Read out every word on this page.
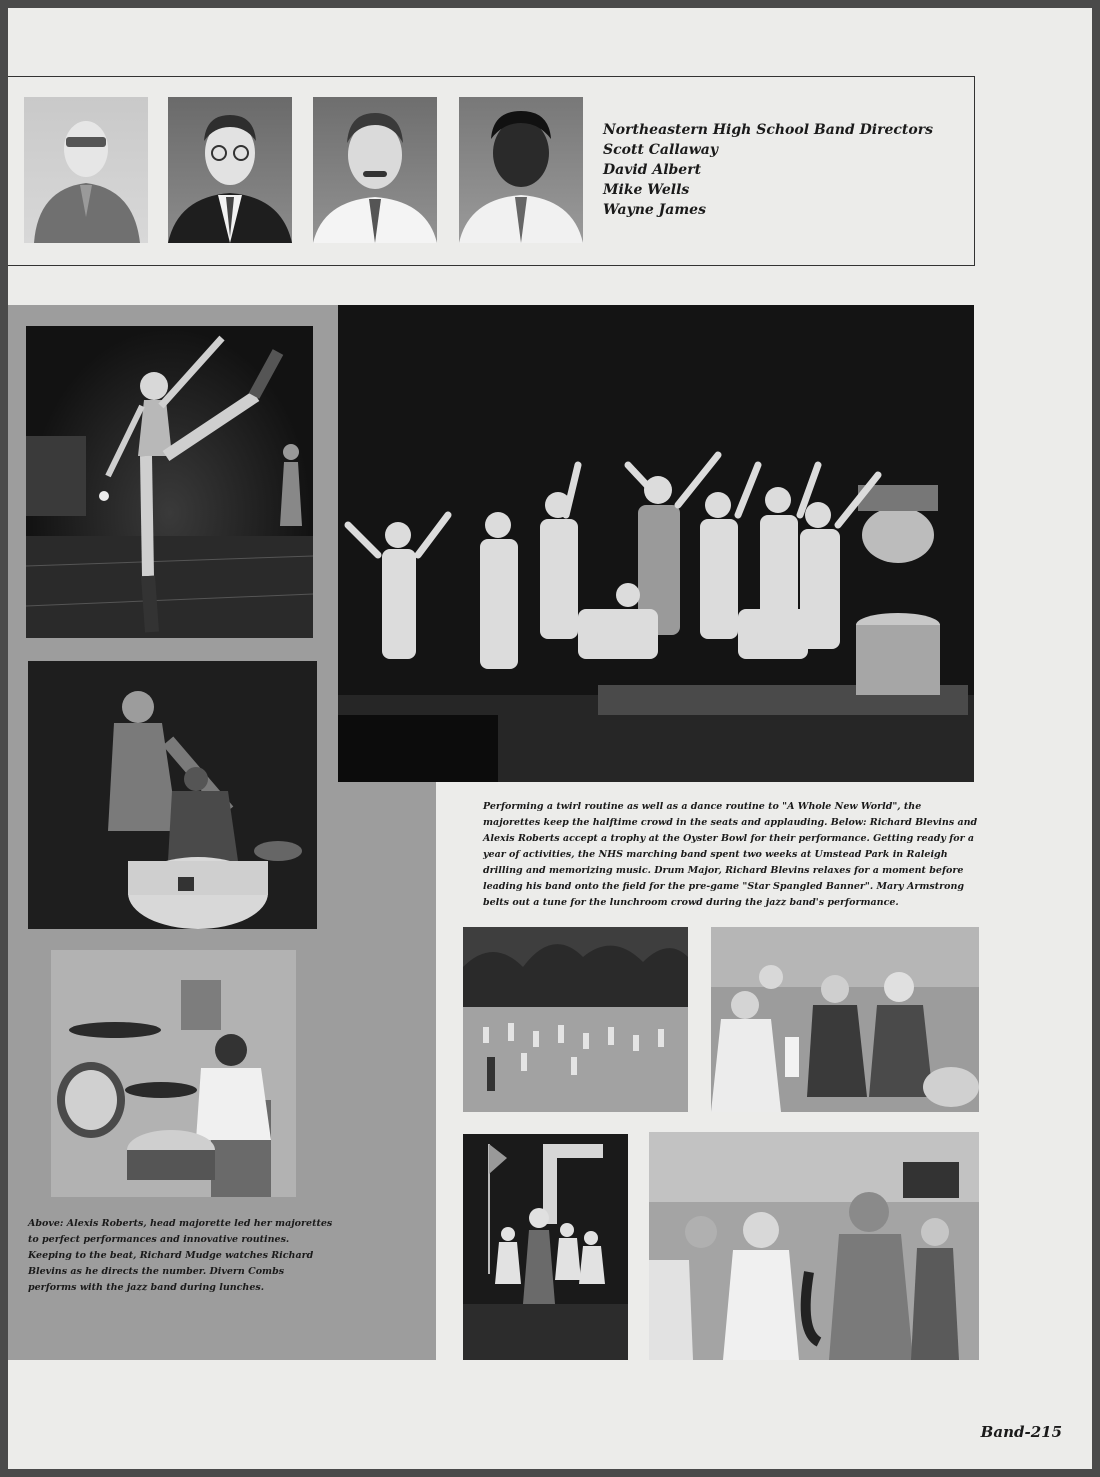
Northeastern High School Band Directors
Scott Callaway
David Albert
Mike Wells
Wayne James
Above: Alexis Roberts, head majorette led her majorettes to perfect performances and innovative routines. Keeping to the beat, Richard Mudge watches Richard Blevins as he directs the number. Divern Combs performs with the jazz band during lunches.
Performing a twirl routine as well as a dance routine to "A Whole New World", the majorettes keep the halftime crowd in the seats and applauding. Below: Richard Blevins and Alexis Roberts accept a trophy at the Oyster Bowl for their performance. Getting ready for a year of activities, the NHS marching band spent two weeks at Umstead Park in Raleigh drilling and memorizing music. Drum Major, Richard Blevins relaxes for a moment before leading his band onto the field for the pre-game "Star Spangled Banner". Mary Armstrong belts out a tune for the lunchroom crowd during the jazz band's performance.
Band-215
